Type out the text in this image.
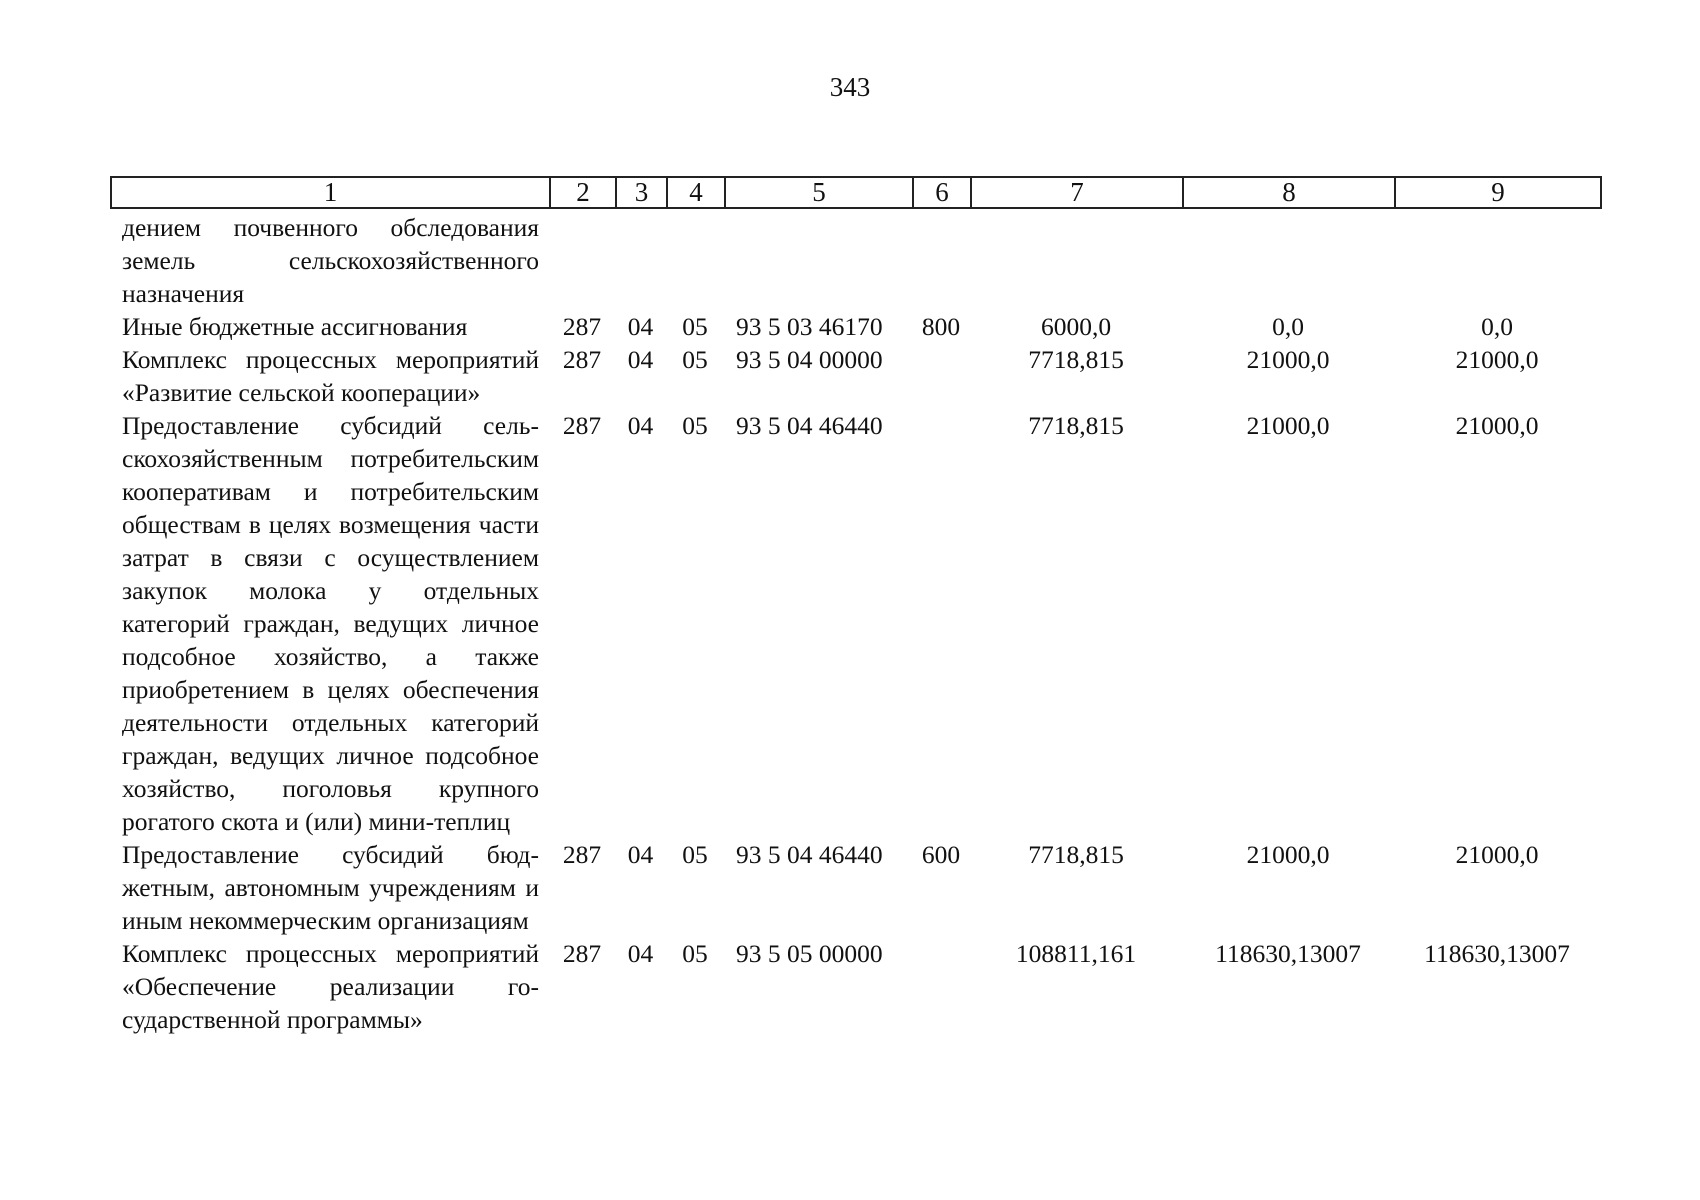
343
1	2	3	4	5	6	7	8	9
дением почвенного обследования земель сельскохозяйственного назначения								
Иные бюджетные ассигнования	287	04	05	93 5 03 46170	800	6000,0	0,0	0,0
Комплекс процессных мероприятий «Развитие сельской кооперации»	287	04	05	93 5 04 00000		7718,815	21000,0	21000,0
Предоставление субсидий сельскохозяйственным потребительским кооперативам и потребительским обществам в целях возмещения части затрат в связи с осуществлением закупок молока у отдельных категорий граждан, ведущих личное подсобное хозяйство, а также приобретением в целях обеспечения деятельности отдельных категорий граждан, ведущих личное подсобное хозяйство, поголовья крупного рогатого скота и (или) мини-теплиц	287	04	05	93 5 04 46440		7718,815	21000,0	21000,0
Предоставление субсидий бюджетным, автономным учреждениям и иным некоммерческим организациям	287	04	05	93 5 04 46440	600	7718,815	21000,0	21000,0
Комплекс процессных мероприятий «Обеспечение реализации государственной программы»	287	04	05	93 5 05 00000		108811,161	118630,13007	118630,13007
